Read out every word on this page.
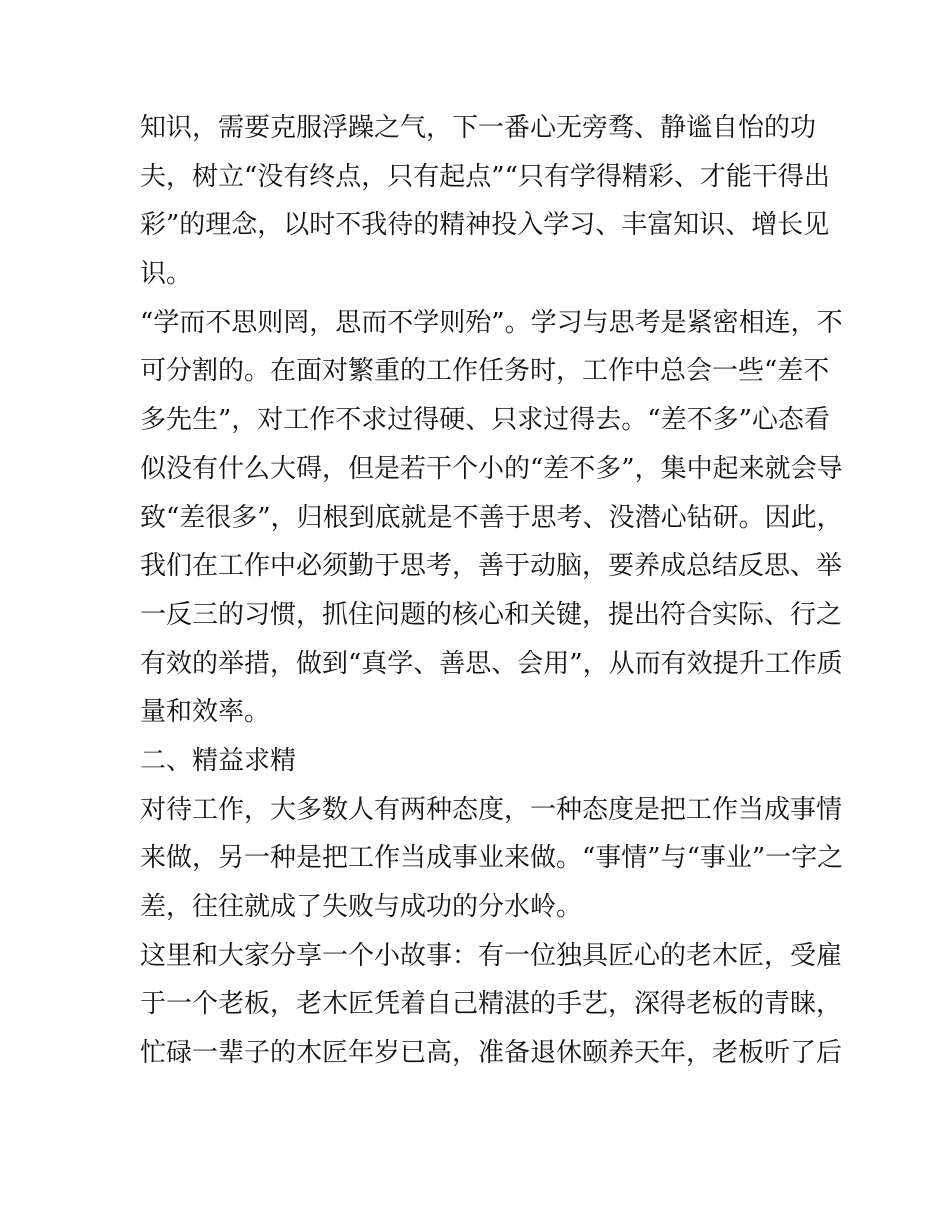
知识，需要克服浮躁之气，下一番心无旁骛、静谧自怡的功
夫，树立“没有终点，只有起点”“只有学得精彩、才能干得出
彩”的理念，以时不我待的精神投入学习、丰富知识、增长见
识。
“学而不思则罔，思而不学则殆”。学习与思考是紧密相连，不
可分割的。在面对繁重的工作任务时，工作中总会一些“差不
多先生”，对工作不求过得硬、只求过得去。“差不多”心态看
似没有什么大碍，但是若干个小的“差不多”，集中起来就会导
致“差很多”，归根到底就是不善于思考、没潜心钻研。因此，
我们在工作中必须勤于思考，善于动脑，要养成总结反思、举
一反三的习惯，抓住问题的核心和关键，提出符合实际、行之
有效的举措，做到“真学、善思、会用”，从而有效提升工作质
量和效率。
二、精益求精
对待工作，大多数人有两种态度，一种态度是把工作当成事情
来做，另一种是把工作当成事业来做。“事情”与“事业”一字之
差，往往就成了失败与成功的分水岭。
这里和大家分享一个小故事：有一位独具匠心的老木匠，受雇
于一个老板，老木匠凭着自己精湛的手艺，深得老板的青睐，
忙碌一辈子的木匠年岁已高，准备退休颐养天年，老板听了后
